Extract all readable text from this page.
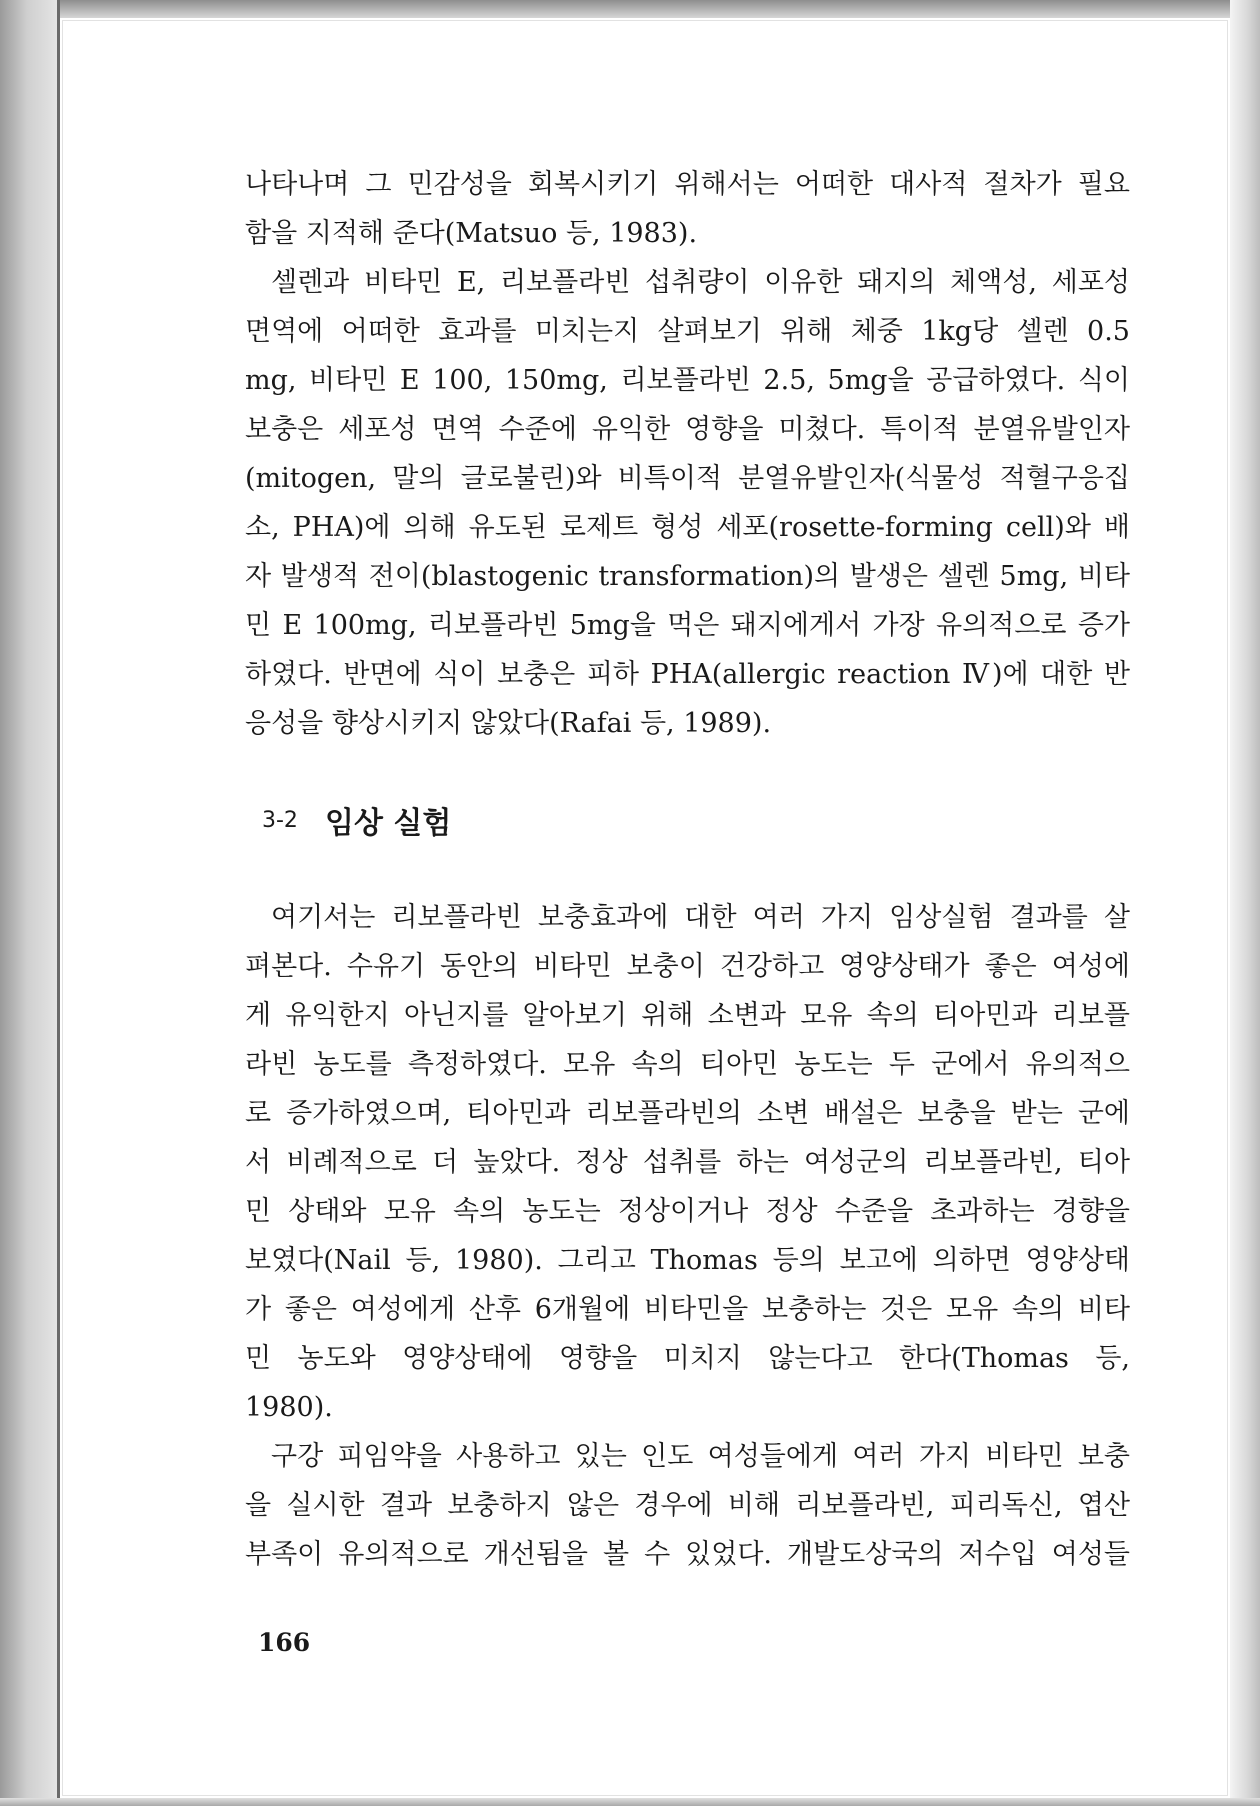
나타나며 그 민감성을 회복시키기 위해서는 어떠한 대사적 절차가 필요
함을 지적해 준다(Matsuo 등, 1983).
셀렌과 비타민 E, 리보플라빈 섭취량이 이유한 돼지의 체액성, 세포성
면역에 어떠한 효과를 미치는지 살펴보기 위해 체중 1kg당 셀렌 0.5
mg, 비타민 E 100, 150mg, 리보플라빈 2.5, 5mg을 공급하였다. 식이
보충은 세포성 면역 수준에 유익한 영향을 미쳤다. 특이적 분열유발인자
(mitogen, 말의 글로불린)와 비특이적 분열유발인자(식물성 적혈구응집
소, PHA)에 의해 유도된 로제트 형성 세포(rosette-forming cell)와 배
자 발생적 전이(blastogenic transformation)의 발생은 셀렌 5mg, 비타
민 E 100mg, 리보플라빈 5mg을 먹은 돼지에게서 가장 유의적으로 증가
하였다. 반면에 식이 보충은 피하 PHA(allergic reaction Ⅳ)에 대한 반
응성을 향상시키지 않았다(Rafai 등, 1989).
3-2 임상 실험
여기서는 리보플라빈 보충효과에 대한 여러 가지 임상실험 결과를 살
펴본다. 수유기 동안의 비타민 보충이 건강하고 영양상태가 좋은 여성에
게 유익한지 아닌지를 알아보기 위해 소변과 모유 속의 티아민과 리보플
라빈 농도를 측정하였다. 모유 속의 티아민 농도는 두 군에서 유의적으
로 증가하였으며, 티아민과 리보플라빈의 소변 배설은 보충을 받는 군에
서 비례적으로 더 높았다. 정상 섭취를 하는 여성군의 리보플라빈, 티아
민 상태와 모유 속의 농도는 정상이거나 정상 수준을 초과하는 경향을
보였다(Nail 등, 1980). 그리고 Thomas 등의 보고에 의하면 영양상태
가 좋은 여성에게 산후 6개월에 비타민을 보충하는 것은 모유 속의 비타
민 농도와 영양상태에 영향을 미치지 않는다고 한다(Thomas 등,
1980).
구강 피임약을 사용하고 있는 인도 여성들에게 여러 가지 비타민 보충
을 실시한 결과 보충하지 않은 경우에 비해 리보플라빈, 피리독신, 엽산
부족이 유의적으로 개선됨을 볼 수 있었다. 개발도상국의 저수입 여성들
166
